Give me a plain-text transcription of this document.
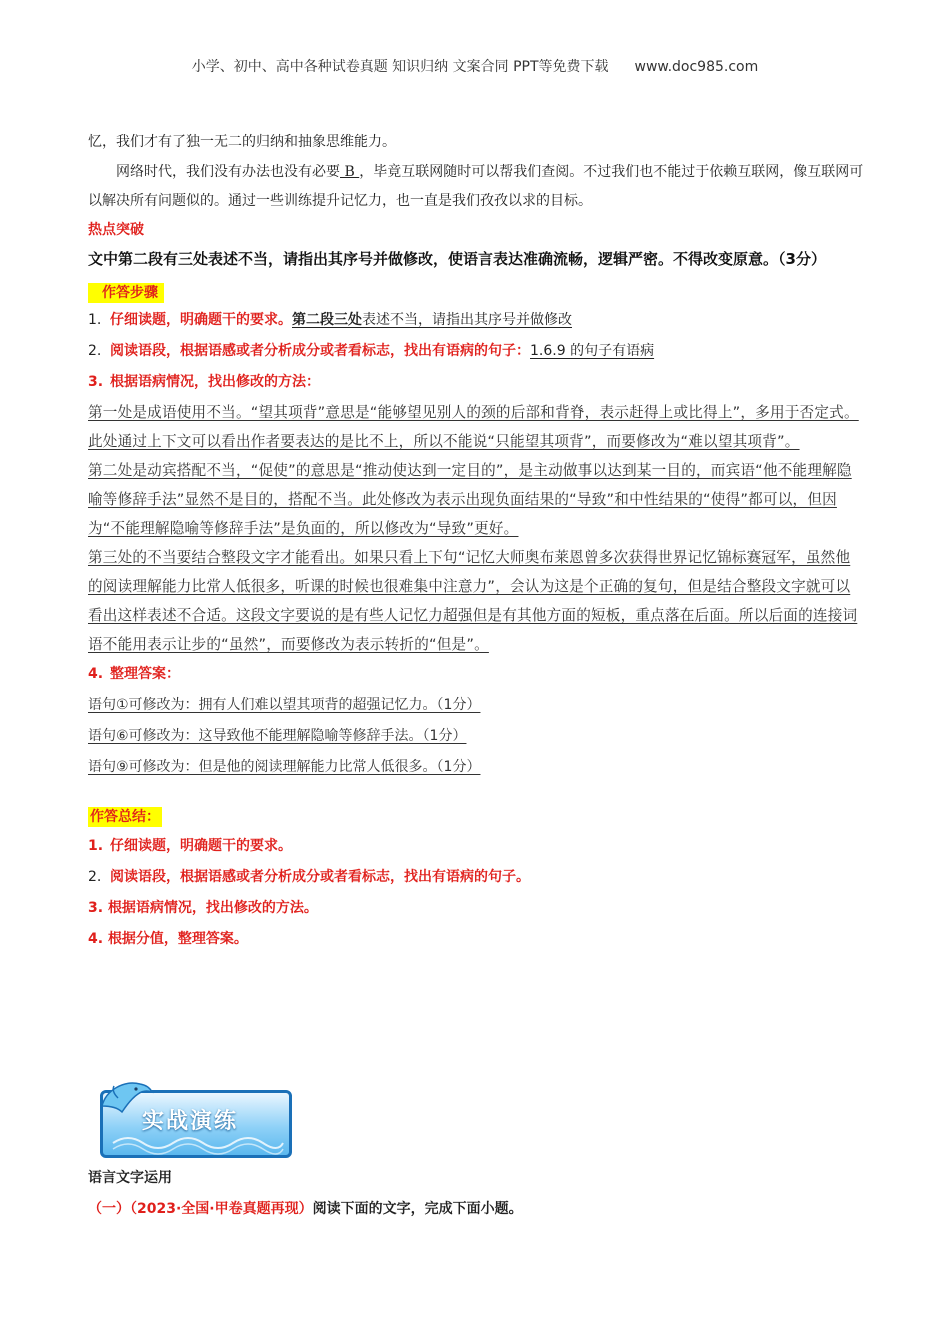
小学、初中、高中各种试卷真题 知识归纳 文案合同 PPT等免费下载 www.doc985.com

忆，我们才有了独一无二的归纳和抽象思维能力。

网络时代，我们没有办法也没有必要 B ，毕竟互联网随时可以帮我们查阅。不过我们也不能过于依赖互联网，像互联网可以解决所有问题似的。通过一些训练提升记忆力，也一直是我们孜孜以求的目标。

热点突破
文中第二段有三处表述不当，请指出其序号并做修改，使语言表达准确流畅，逻辑严密。不得改变原意。（3分）
作答步骤
1. 仔细读题，明确题干的要求。第二段三处表述不当，请指出其序号并做修改
2. 阅读语段，根据语感或者分析成分或者看标志，找出有语病的句子：1.6.9 的句子有语病
3. 根据语病情况，找出修改的方法：

第一处是成语使用不当。“望其项背”意思是“能够望见别人的颈的后部和背脊，表示赶得上或比得上”，多用于否定式。此处通过上下文可以看出作者要表达的是比不上，所以不能说“只能望其项背”，而要修改为“难以望其项背”。

第二处是动宾搭配不当，“促使”的意思是“推动使达到一定目的”，是主动做事以达到某一目的，而宾语“他不能理解隐喻等修辞手法”显然不是目的，搭配不当。此处修改为表示出现负面结果的“导致”和中性结果的“使得”都可以，但因为“不能理解隐喻等修辞手法”是负面的，所以修改为“导致”更好。

第三处的不当要结合整段文字才能看出。如果只看上下句“记忆大师奥布莱恩曾多次获得世界记忆锦标赛冠军，虽然他的阅读理解能力比常人低很多，听课的时候也很难集中注意力”，会认为这是个正确的复句，但是结合整段文字就可以看出这样表述不合适。这段文字要说的是有些人记忆力超强但是有其他方面的短板，重点落在后面。所以后面的连接词语不能用表示让步的“虽然”，而要修改为表示转折的“但是”。

4. 整理答案：
语句①可修改为：拥有人们难以望其项背的超强记忆力。（1分）
语句⑥可修改为：这导致他不能理解隐喻等修辞手法。（1分）
语句⑨可修改为：但是他的阅读理解能力比常人低很多。（1分）
作答总结：
1. 仔细读题，明确题干的要求。
2. 阅读语段，根据语感或者分析成分或者看标志，找出有语病的句子。
3. 根据语病情况，找出修改的方法。
4. 根据分值，整理答案。
实战演练
语言文字运用
（一）（2023·全国·甲卷真题再现）阅读下面的文字，完成下面小题。
